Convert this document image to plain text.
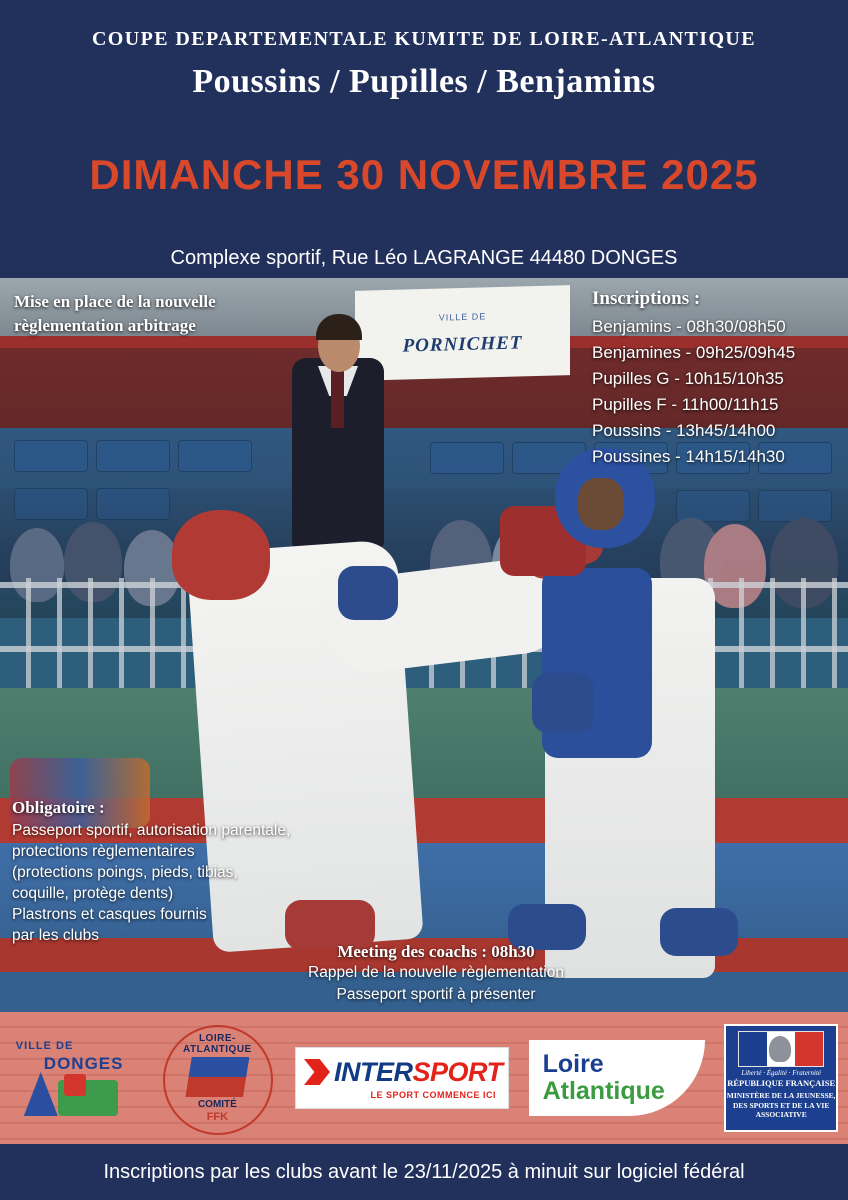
COUPE DEPARTEMENTALE KUMITE DE LOIRE-ATLANTIQUE
Poussins / Pupilles / Benjamins
DIMANCHE 30 NOVEMBRE 2025
Complexe sportif, Rue Léo LAGRANGE 44480 DONGES
VILLE DE
PORNICHET
Mise en place de la nouvelle règlementation arbitrage
Inscriptions :
Benjamins - 08h30/08h50
Benjamines - 09h25/09h45
Pupilles G - 10h15/10h35
Pupilles F - 11h00/11h15
Poussins - 13h45/14h00
Poussines - 14h15/14h30
Obligatoire :
Passeport sportif, autorisation parentale,
protections règlementaires
(protections poings, pieds, tibias,
coquille, protège dents)
Plastrons et casques fournis
par les clubs
Meeting des coachs : 08h30
Rappel de la nouvelle règlementation
Passeport sportif à présenter
VILLE DE
DONGES
LOIRE-ATLANTIQUE
COMITÉ
FFK
INTER SPORT
LE SPORT COMMENCE ICI
Loire
Atlantique
Liberté · Égalité · Fraternité
RÉPUBLIQUE FRANÇAISE
MINISTÈRE DE LA JEUNESSE, DES SPORTS ET DE LA VIE ASSOCIATIVE
Inscriptions par les clubs avant le 23/11/2025 à minuit sur logiciel fédéral
